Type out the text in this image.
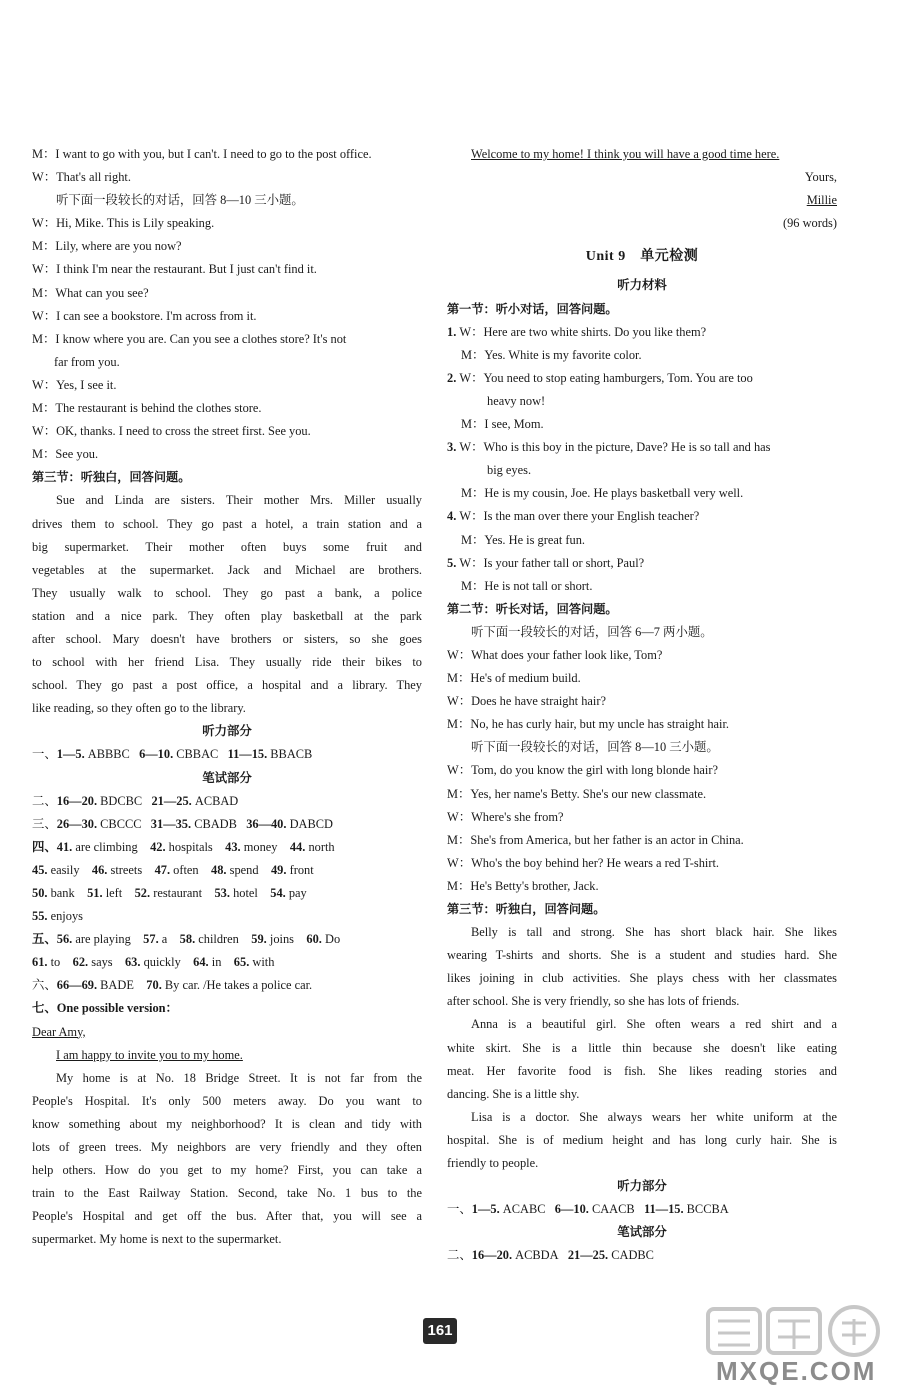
M：I want to go with you, but I can't. I need to go to the post office.
W：That's all right.
听下面一段较长的对话，回答 8—10 三小题。
W：Hi, Mike. This is Lily speaking.
M：Lily, where are you now?
W：I think I'm near the restaurant. But I just can't find it.
M：What can you see?
W：I can see a bookstore. I'm across from it.
M：I know where you are. Can you see a clothes store? It's not
far from you.
W：Yes, I see it.
M：The restaurant is behind the clothes store.
W：OK, thanks. I need to cross the street first. See you.
M：See you.
第三节：听独白，回答问题。
Sue and Linda are sisters. Their mother Mrs. Miller usually
drives them to school. They go past a hotel, a train station and a
big supermarket. Their mother often buys some fruit and
vegetables at the supermarket. Jack and Michael are brothers.
They usually walk to school. They go past a bank, a police
station and a nice park. They often play basketball at the park
after school. Mary doesn't have brothers or sisters, so she goes
to school with her friend Lisa. They usually ride their bikes to
school. They go past a post office, a hospital and a library. They
like reading, so they often go to the library.
听力部分
一、1—5. ABBBC 6—10. CBBAC 11—15. BBACB
笔试部分
二、16—20. BDCBC 21—25. ACBAD
三、26—30. CBCCC 31—35. CBADB 36—40. DABCD
四、41. are climbing 42. hospitals 43. money 44. north
45. easily 46. streets 47. often 48. spend 49. front
50. bank 51. left 52. restaurant 53. hotel 54. pay
55. enjoys
五、56. are playing 57. a 58. children 59. joins 60. Do
61. to 62. says 63. quickly 64. in 65. with
六、66—69. BADE 70. By car. /He takes a police car.
七、One possible version：
Dear Amy,
I am happy to invite you to my home.
My home is at No. 18 Bridge Street. It is not far from the
People's Hospital. It's only 500 meters away. Do you want to
know something about my neighborhood? It is clean and tidy with
lots of green trees. My neighbors are very friendly and they often
help others. How do you get to my home? First, you can take a
train to the East Railway Station. Second, take No. 1 bus to the
People's Hospital and get off the bus. After that, you will see a
supermarket. My home is next to the supermarket.
Welcome to my home! I think you will have a good time here.
Yours,
Millie
(96 words)
Unit 9　单元检测
听力材料
第一节：听小对话，回答问题。
1. W：Here are two white shirts. Do you like them?
M：Yes. White is my favorite color.
2. W：You need to stop eating hamburgers, Tom. You are too
heavy now!
M：I see, Mom.
3. W：Who is this boy in the picture, Dave? He is so tall and has
big eyes.
M：He is my cousin, Joe. He plays basketball very well.
4. W：Is the man over there your English teacher?
M：Yes. He is great fun.
5. W：Is your father tall or short, Paul?
M：He is not tall or short.
第二节：听长对话，回答问题。
听下面一段较长的对话，回答 6—7 两小题。
W：What does your father look like, Tom?
M：He's of medium build.
W：Does he have straight hair?
M：No, he has curly hair, but my uncle has straight hair.
听下面一段较长的对话，回答 8—10 三小题。
W：Tom, do you know the girl with long blonde hair?
M：Yes, her name's Betty. She's our new classmate.
W：Where's she from?
M：She's from America, but her father is an actor in China.
W：Who's the boy behind her? He wears a red T-shirt.
M：He's Betty's brother, Jack.
第三节：听独白，回答问题。
Belly is tall and strong. She has short black hair. She likes
wearing T-shirts and shorts. She is a student and studies hard. She
likes joining in club activities. She plays chess with her classmates
after school. She is very friendly, so she has lots of friends.
Anna is a beautiful girl. She often wears a red shirt and a
white skirt. She is a little thin because she doesn't like eating
meat. Her favorite food is fish. She likes reading stories and
dancing. She is a little shy.
Lisa is a doctor. She always wears her white uniform at the
hospital. She is of medium height and has long curly hair. She is
friendly to people.
听力部分
一、1—5. ACABC 6—10. CAACB 11—15. BCCBA
笔试部分
二、16—20. ACBDA 21—25. CADBC
161
MXQE.COM
